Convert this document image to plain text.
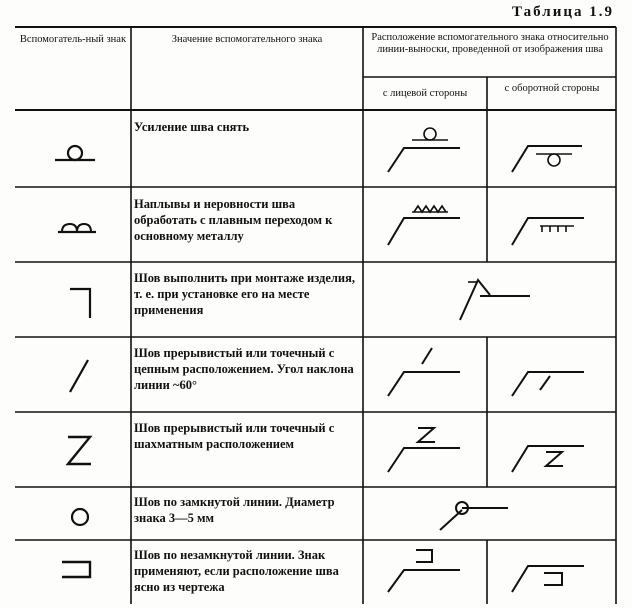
Таблица 1.9
Вспомогатель-ный знак	Значение вспомогательного знака	Расположение вспомогательного знака относительно линии-выноски, проведенной от изображения шва
с лицевой стороны	с оборотной стороны
Усиление шва снять
Наплывы и неровности шва обработать с плавным переходом к основному металлу
Шов выполнить при монтаже изделия, т. е. при установке его на месте применения
Шов прерывистый или точечный с цепным расположением. Угол наклона линии ~60°
Шов прерывистый или точечный с шахматным расположением
Шов по замкнутой линии. Диаметр знака 3—5 мм
Шов по незамкнутой линии. Знак применяют, если расположение шва ясно из чертежа
